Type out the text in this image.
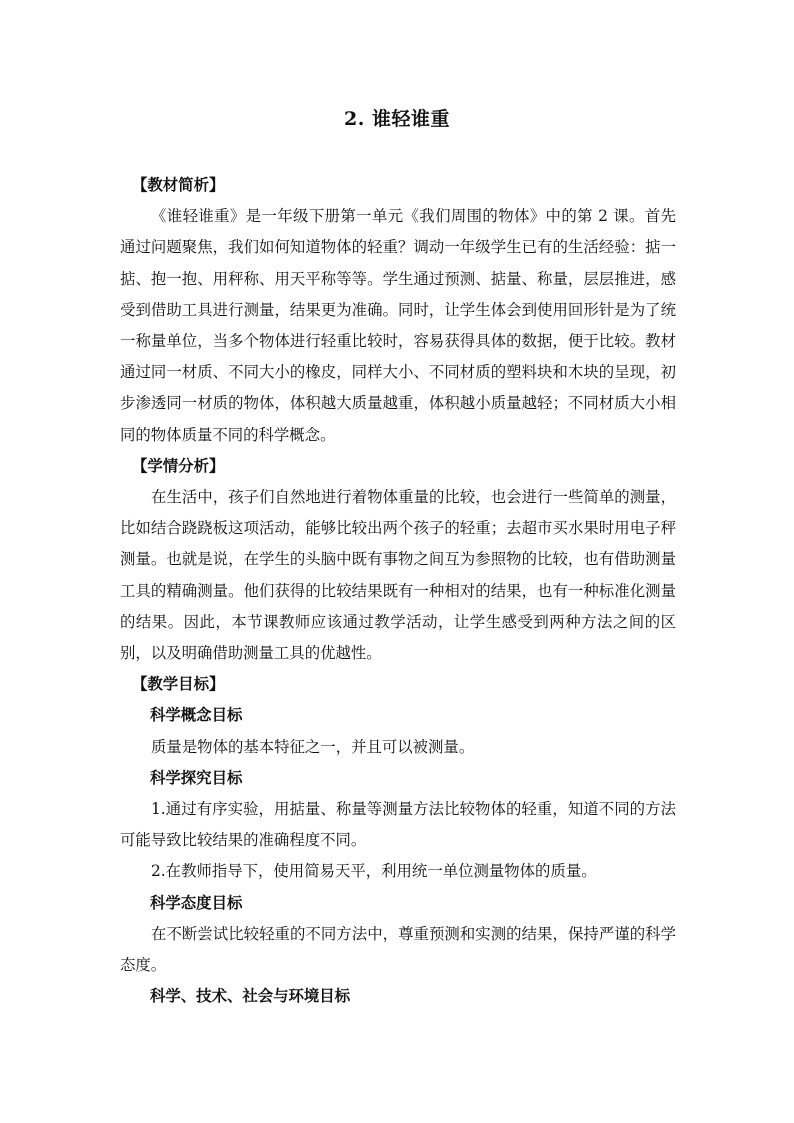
2. 谁轻谁重

【教材简析】

《谁轻谁重》是一年级下册第一单元《我们周围的物体》中的第 2 课。首先通过问题聚焦，我们如何知道物体的轻重？调动一年级学生已有的生活经验：掂一掂、抱一抱、用秤称、用天平称等等。学生通过预测、掂量、称量，层层推进，感受到借助工具进行测量，结果更为准确。同时，让学生体会到使用回形针是为了统一称量单位，当多个物体进行轻重比较时，容易获得具体的数据，便于比较。教材通过同一材质、不同大小的橡皮，同样大小、不同材质的塑料块和木块的呈现，初步渗透同一材质的物体，体积越大质量越重，体积越小质量越轻；不同材质大小相同的物体质量不同的科学概念。

【学情分析】

在生活中，孩子们自然地进行着物体重量的比较，也会进行一些简单的测量，比如结合跷跷板这项活动，能够比较出两个孩子的轻重；去超市买水果时用电子秤测量。也就是说，在学生的头脑中既有事物之间互为参照物的比较，也有借助测量工具的精确测量。他们获得的比较结果既有一种相对的结果，也有一种标准化测量的结果。因此，本节课教师应该通过教学活动，让学生感受到两种方法之间的区别，以及明确借助测量工具的优越性。

【教学目标】

科学概念目标

质量是物体的基本特征之一，并且可以被测量。

科学探究目标

1.通过有序实验，用掂量、称量等测量方法比较物体的轻重，知道不同的方法可能导致比较结果的准确程度不同。

2.在教师指导下，使用简易天平，利用统一单位测量物体的质量。

科学态度目标

在不断尝试比较轻重的不同方法中，尊重预测和实测的结果，保持严谨的科学态度。

科学、技术、社会与环境目标
